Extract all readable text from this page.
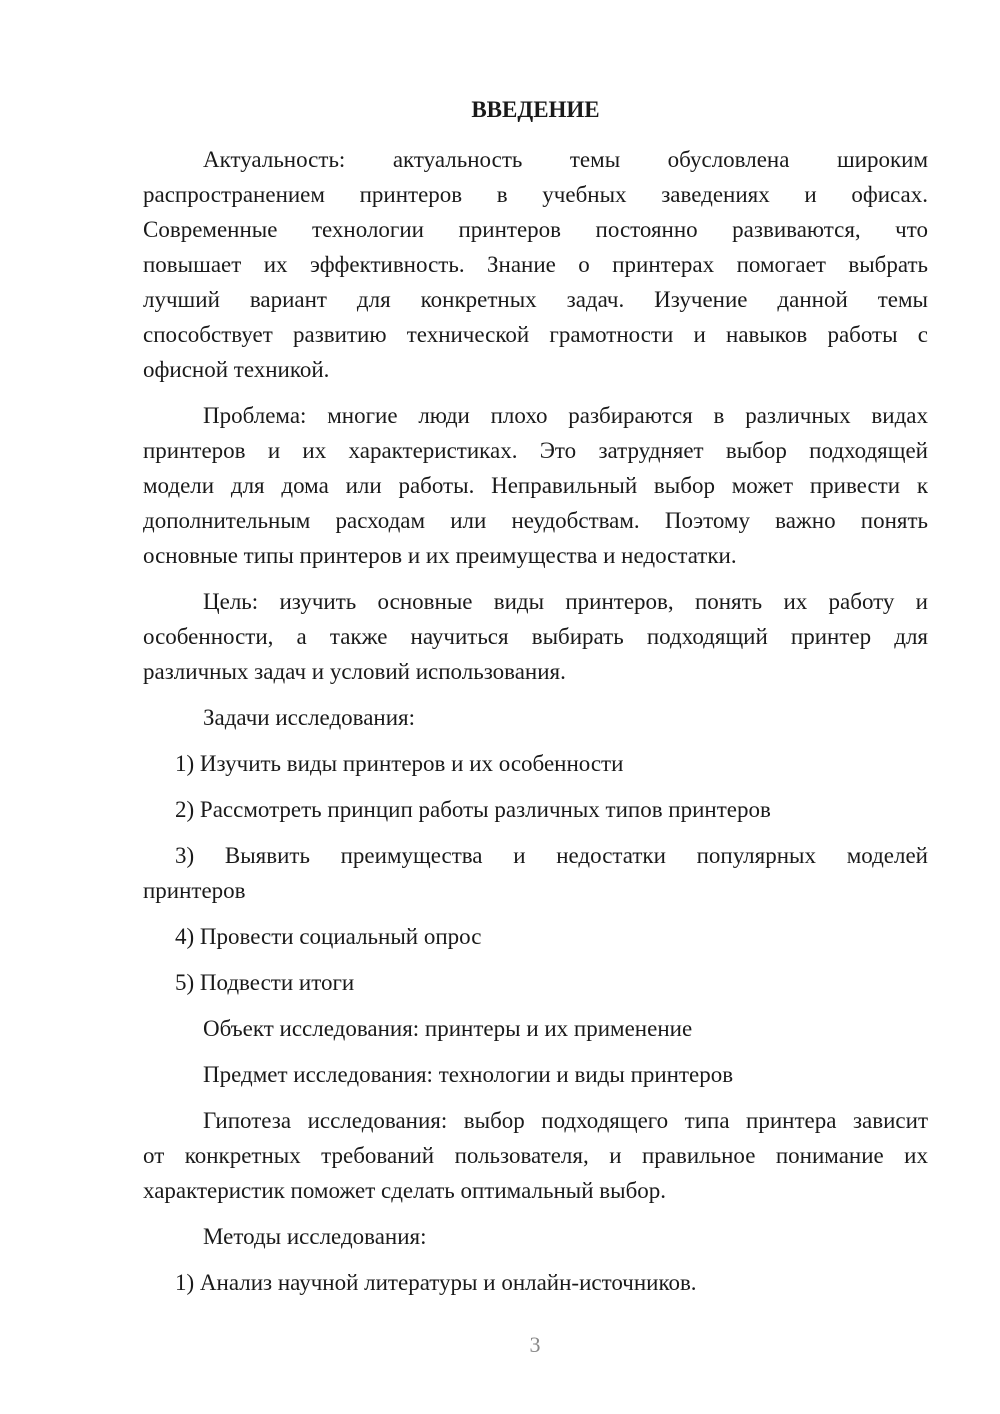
ВВЕДЕНИЕ
Актуальность: актуальность темы обусловлена широким
распространением принтеров в учебных заведениях и офисах.
Современные технологии принтеров постоянно развиваются, что
повышает их эффективность. Знание о принтерах помогает выбрать
лучший вариант для конкретных задач. Изучение данной темы
способствует развитию технической грамотности и навыков работы с
офисной техникой.
Проблема: многие люди плохо разбираются в различных видах
принтеров и их характеристиках. Это затрудняет выбор подходящей
модели для дома или работы. Неправильный выбор может привести к
дополнительным расходам или неудобствам. Поэтому важно понять
основные типы принтеров и их преимущества и недостатки.
Цель: изучить основные виды принтеров, понять их работу и
особенности, а также научиться выбирать подходящий принтер для
различных задач и условий использования.
Задачи исследования:
1) Изучить виды принтеров и их особенности
2) Рассмотреть принцип работы различных типов принтеров
3) Выявить преимущества и недостатки популярных моделей
принтеров
4) Провести социальный опрос
5) Подвести итоги
Объект исследования: принтеры и их применение
Предмет исследования: технологии и виды принтеров
Гипотеза исследования: выбор подходящего типа принтера зависит
от конкретных требований пользователя, и правильное понимание их
характеристик поможет сделать оптимальный выбор.
Методы исследования:
1) Анализ научной литературы и онлайн-источников.
3
